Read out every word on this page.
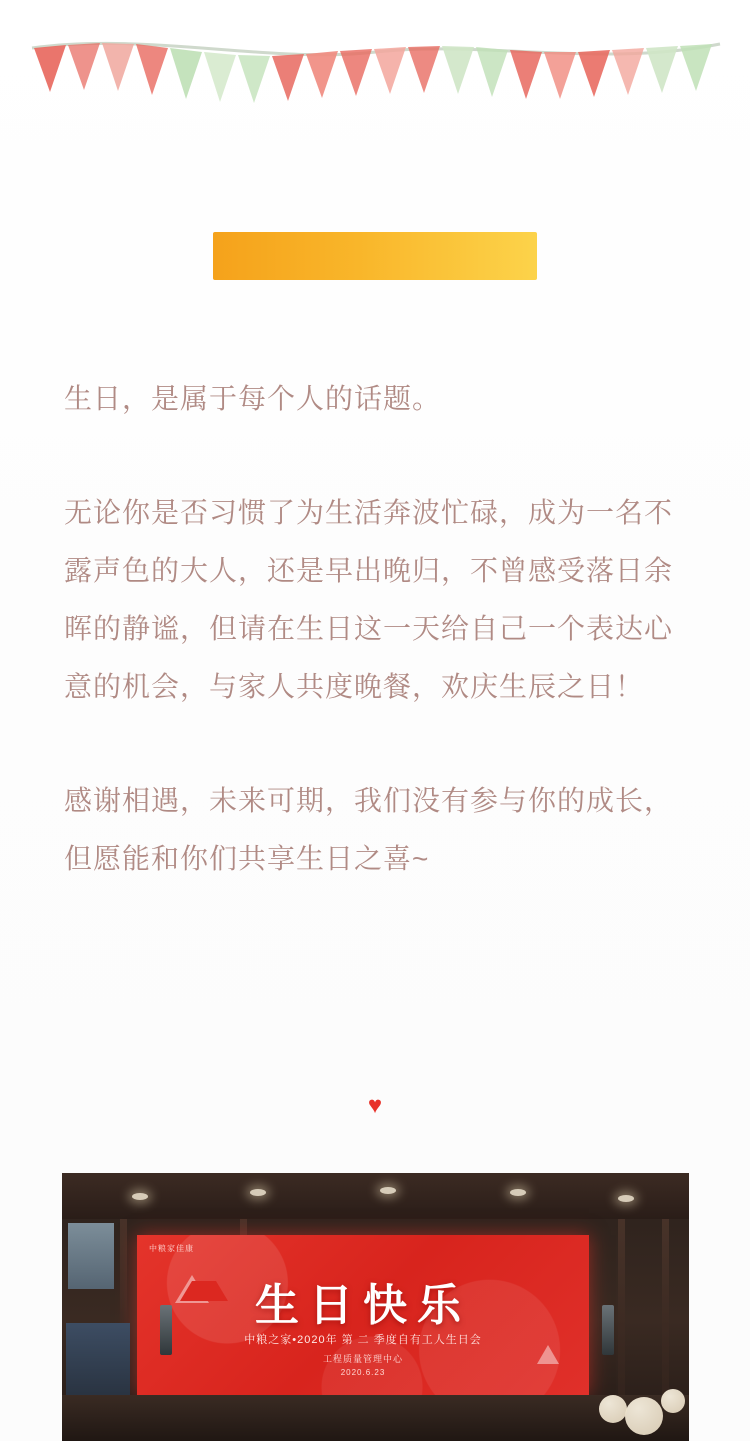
生日，是属于每个人的话题。

无论你是否习惯了为生活奔波忙碌，成为一名不露声色的大人，还是早出晚归，不曾感受落日余晖的静谧，但请在生日这一天给自己一个表达心意的机会，与家人共度晚餐，欢庆生辰之日！

感谢相遇，未来可期，我们没有参与你的成长，但愿能和你们共享生日之喜~

♥
中粮家佳康
生日快乐
中粮之家•2020年 第 二 季度自有工人生日会
工程质量管理中心
2020.6.23
